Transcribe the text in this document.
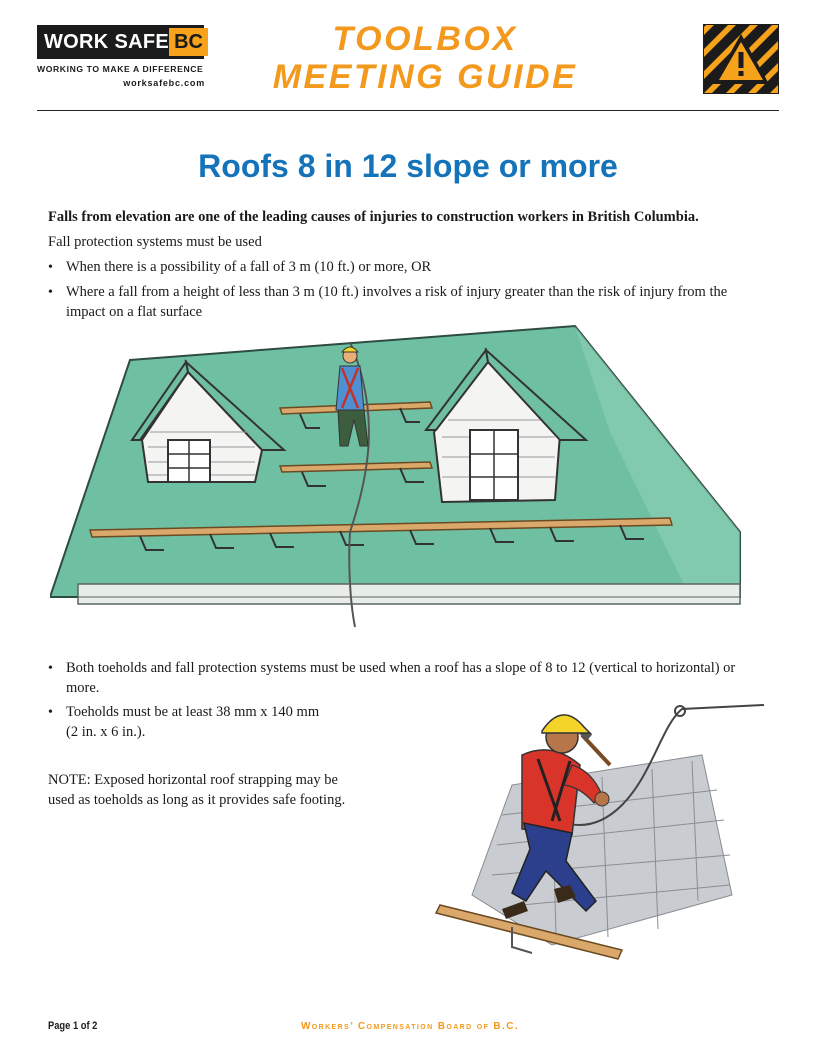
WORK SAFE BC
WORKING TO MAKE A DIFFERENCE
worksafebc.com
TOOLBOX
MEETING GUIDE
Roofs 8 in 12 slope or more
Falls from elevation are one of the leading causes of injuries to construction workers in British Columbia.
Fall protection systems must be used
• When there is a possibility of a fall of 3 m (10 ft.) or more, OR
• Where a fall from a height of less than 3 m (10 ft.) involves a risk of injury greater than the risk of injury from the impact on a flat surface
• Both toeholds and fall protection systems must be used when a roof has a slope of 8 to 12 (vertical to horizontal) or more.
• Toeholds must be at least 38 mm x 140 mm
(2 in. x 6 in.).
NOTE: Exposed horizontal roof strapping may be
used as toeholds as long as it provides safe footing.
Page 1 of 2	Workers’ Compensation Board of B.C.
